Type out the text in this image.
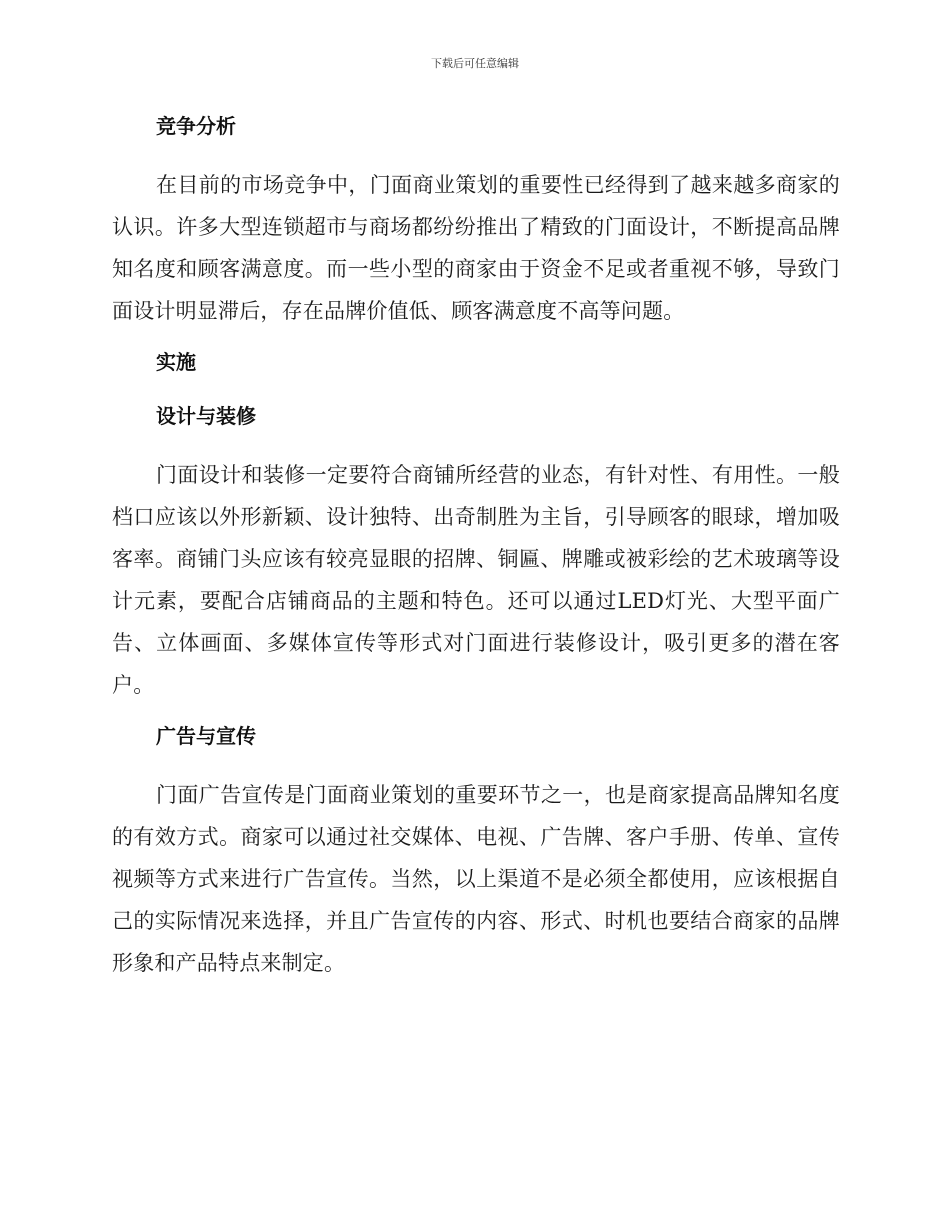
下载后可任意编辑
竞争分析

在目前的市场竞争中，门面商业策划的重要性已经得到了越来越多商家的认识。许多大型连锁超市与商场都纷纷推出了精致的门面设计，不断提高品牌知名度和顾客满意度。而一些小型的商家由于资金不足或者重视不够，导致门面设计明显滞后，存在品牌价值低、顾客满意度不高等问题。

实施
设计与装修

门面设计和装修一定要符合商铺所经营的业态，有针对性、有用性。一般档口应该以外形新颖、设计独特、出奇制胜为主旨，引导顾客的眼球，增加吸客率。商铺门头应该有较亮显眼的招牌、铜匾、牌雕或被彩绘的艺术玻璃等设计元素，要配合店铺商品的主题和特色。还可以通过LED灯光、大型平面广告、立体画面、多媒体宣传等形式对门面进行装修设计，吸引更多的潜在客户。

广告与宣传

门面广告宣传是门面商业策划的重要环节之一，也是商家提高品牌知名度的有效方式。商家可以通过社交媒体、电视、广告牌、客户手册、传单、宣传视频等方式来进行广告宣传。当然，以上渠道不是必须全都使用，应该根据自己的实际情况来选择，并且广告宣传的内容、形式、时机也要结合商家的品牌形象和产品特点来制定。
